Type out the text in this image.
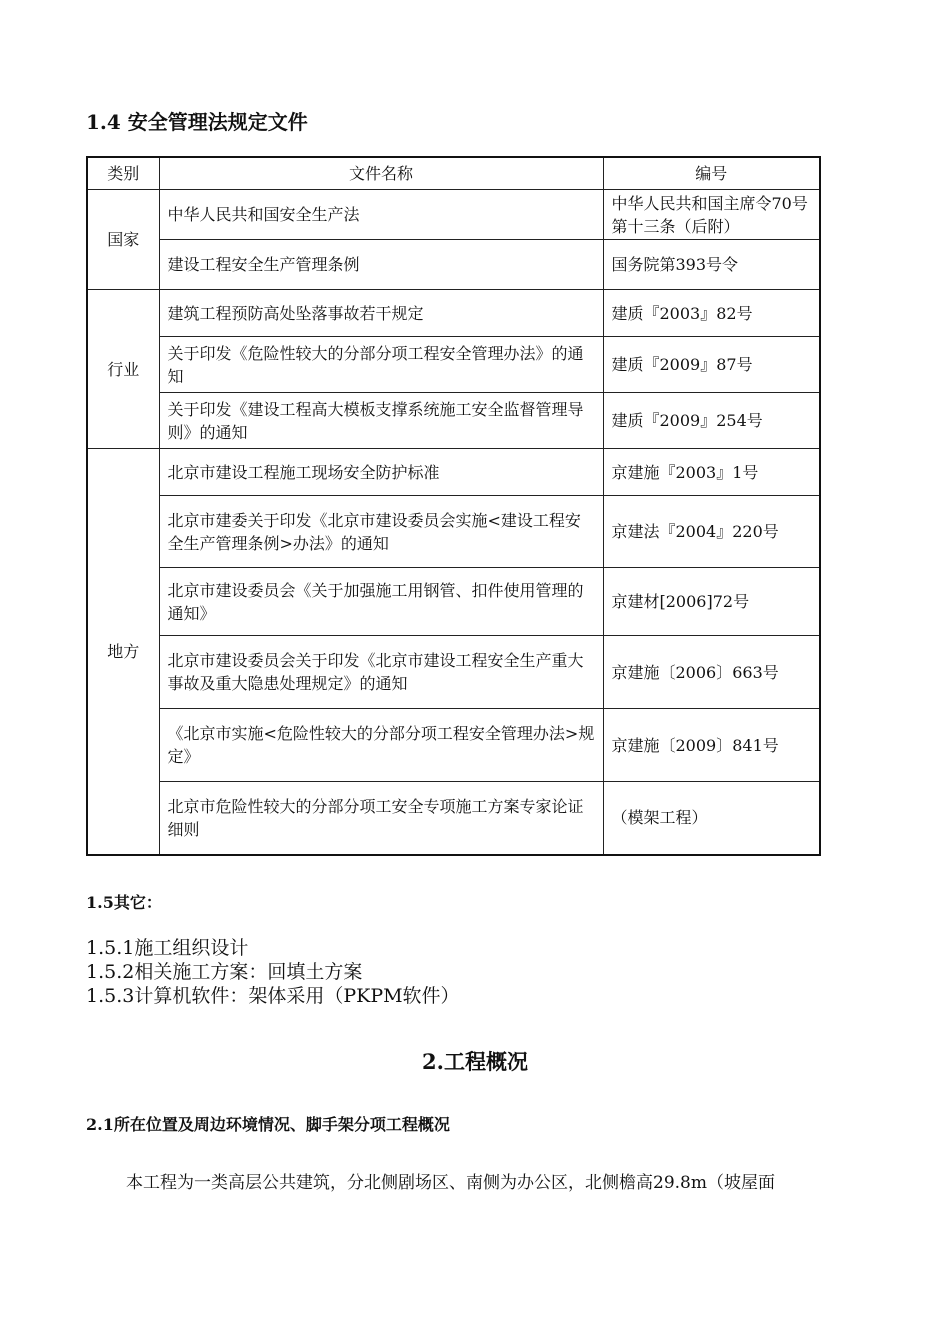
1.4 安全管理法规定文件
类别	文件名称	编号
国家	中华人民共和国安全生产法	中华人民共和国主席令70号第十三条（后附）
	建设工程安全生产管理条例	国务院第393号令
行业	建筑工程预防高处坠落事故若干规定	建质『2003』82号
	关于印发《危险性较大的分部分项工程安全管理办法》的通知	建质『2009』87号
	关于印发《建设工程高大模板支撑系统施工安全监督管理导则》的通知	建质『2009』254号
地方	北京市建设工程施工现场安全防护标准	京建施『2003』1号
	北京市建委关于印发《北京市建设委员会实施<建设工程安全生产管理条例>办法》的通知	京建法『2004』220号
	北京市建设委员会《关于加强施工用钢管、扣件使用管理的通知》	京建材[2006]72号
	北京市建设委员会关于印发《北京市建设工程安全生产重大事故及重大隐患处理规定》的通知	京建施〔2006〕663号
	《北京市实施<危险性较大的分部分项工程安全管理办法>规定》	京建施〔2009〕841号
	北京市危险性较大的分部分项工安全专项施工方案专家论证细则	（模架工程）
1.5其它：
1.5.1施工组织设计
1.5.2相关施工方案：回填土方案
1.5.3计算机软件：架体采用（PKPM软件）
2.工程概况
2.1所在位置及周边环境情况、脚手架分项工程概况
本工程为一类高层公共建筑，分北侧剧场区、南侧为办公区，北侧檐高29.8m（坡屋面
